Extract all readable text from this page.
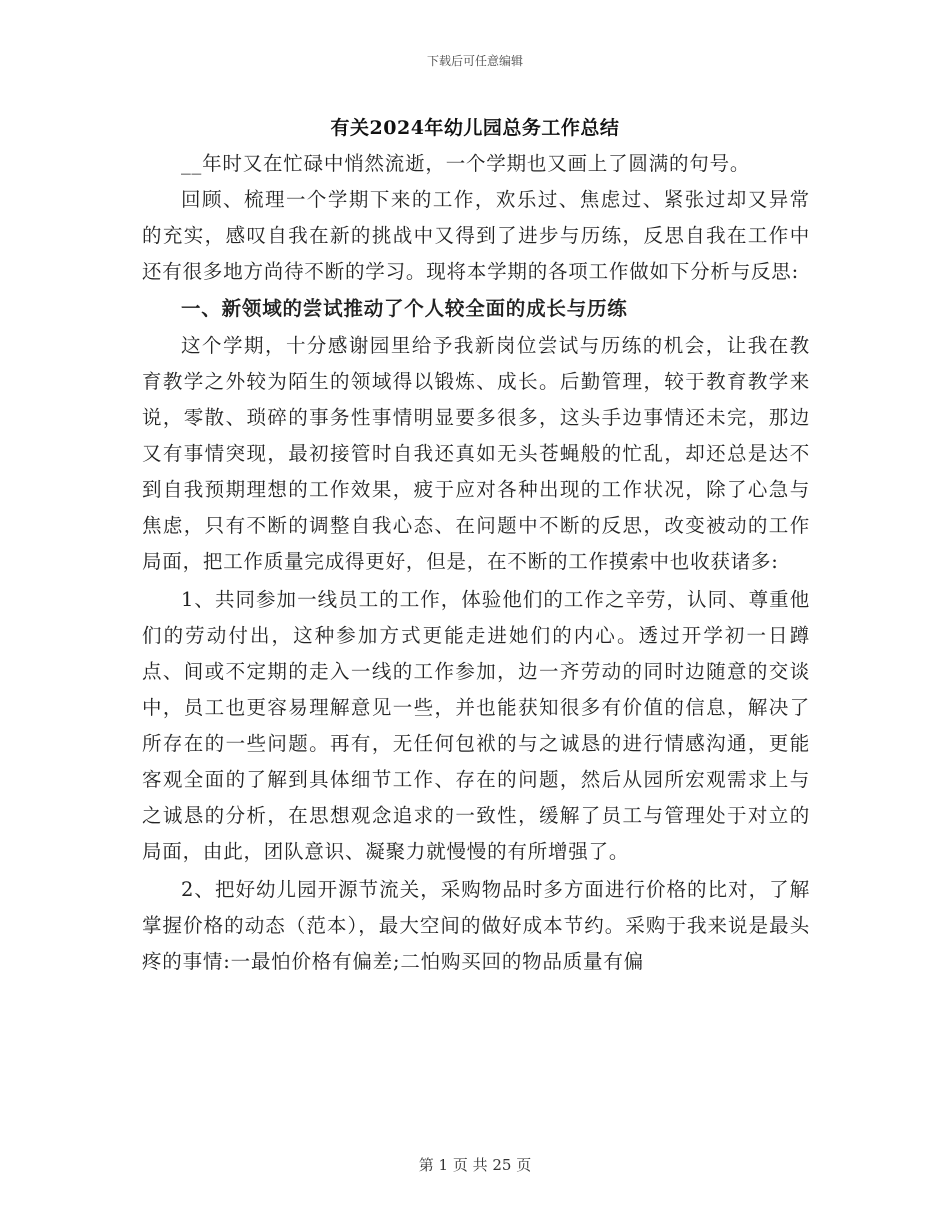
下载后可任意编辑
有关2024年幼儿园总务工作总结

__年时又在忙碌中悄然流逝，一个学期也又画上了圆满的句号。

回顾、梳理一个学期下来的工作，欢乐过、焦虑过、紧张过却又异常的充实，感叹自我在新的挑战中又得到了进步与历练，反思自我在工作中还有很多地方尚待不断的学习。现将本学期的各项工作做如下分析与反思:

一、新领域的尝试推动了个人较全面的成长与历练

这个学期，十分感谢园里给予我新岗位尝试与历练的机会，让我在教育教学之外较为陌生的领域得以锻炼、成长。后勤管理，较于教育教学来说，零散、琐碎的事务性事情明显要多很多，这头手边事情还未完，那边又有事情突现，最初接管时自我还真如无头苍蝇般的忙乱，却还总是达不到自我预期理想的工作效果，疲于应对各种出现的工作状况，除了心急与焦虑，只有不断的调整自我心态、在问题中不断的反思，改变被动的工作局面，把工作质量完成得更好，但是，在不断的工作摸索中也收获诸多:

1、共同参加一线员工的工作，体验他们的工作之辛劳，认同、尊重他们的劳动付出，这种参加方式更能走进她们的内心。透过开学初一日蹲点、间或不定期的走入一线的工作参加，边一齐劳动的同时边随意的交谈中，员工也更容易理解意见一些，并也能获知很多有价值的信息，解决了所存在的一些问题。再有，无任何包袱的与之诚恳的进行情感沟通，更能客观全面的了解到具体细节工作、存在的问题，然后从园所宏观需求上与之诚恳的分析，在思想观念追求的一致性，缓解了员工与管理处于对立的局面，由此，团队意识、凝聚力就慢慢的有所增强了。

2、把好幼儿园开源节流关，采购物品时多方面进行价格的比对，了解掌握价格的动态（范本），最大空间的做好成本节约。采购于我来说是最头疼的事情:一最怕价格有偏差;二怕购买回的物品质量有偏

第 1 页 共 25 页
